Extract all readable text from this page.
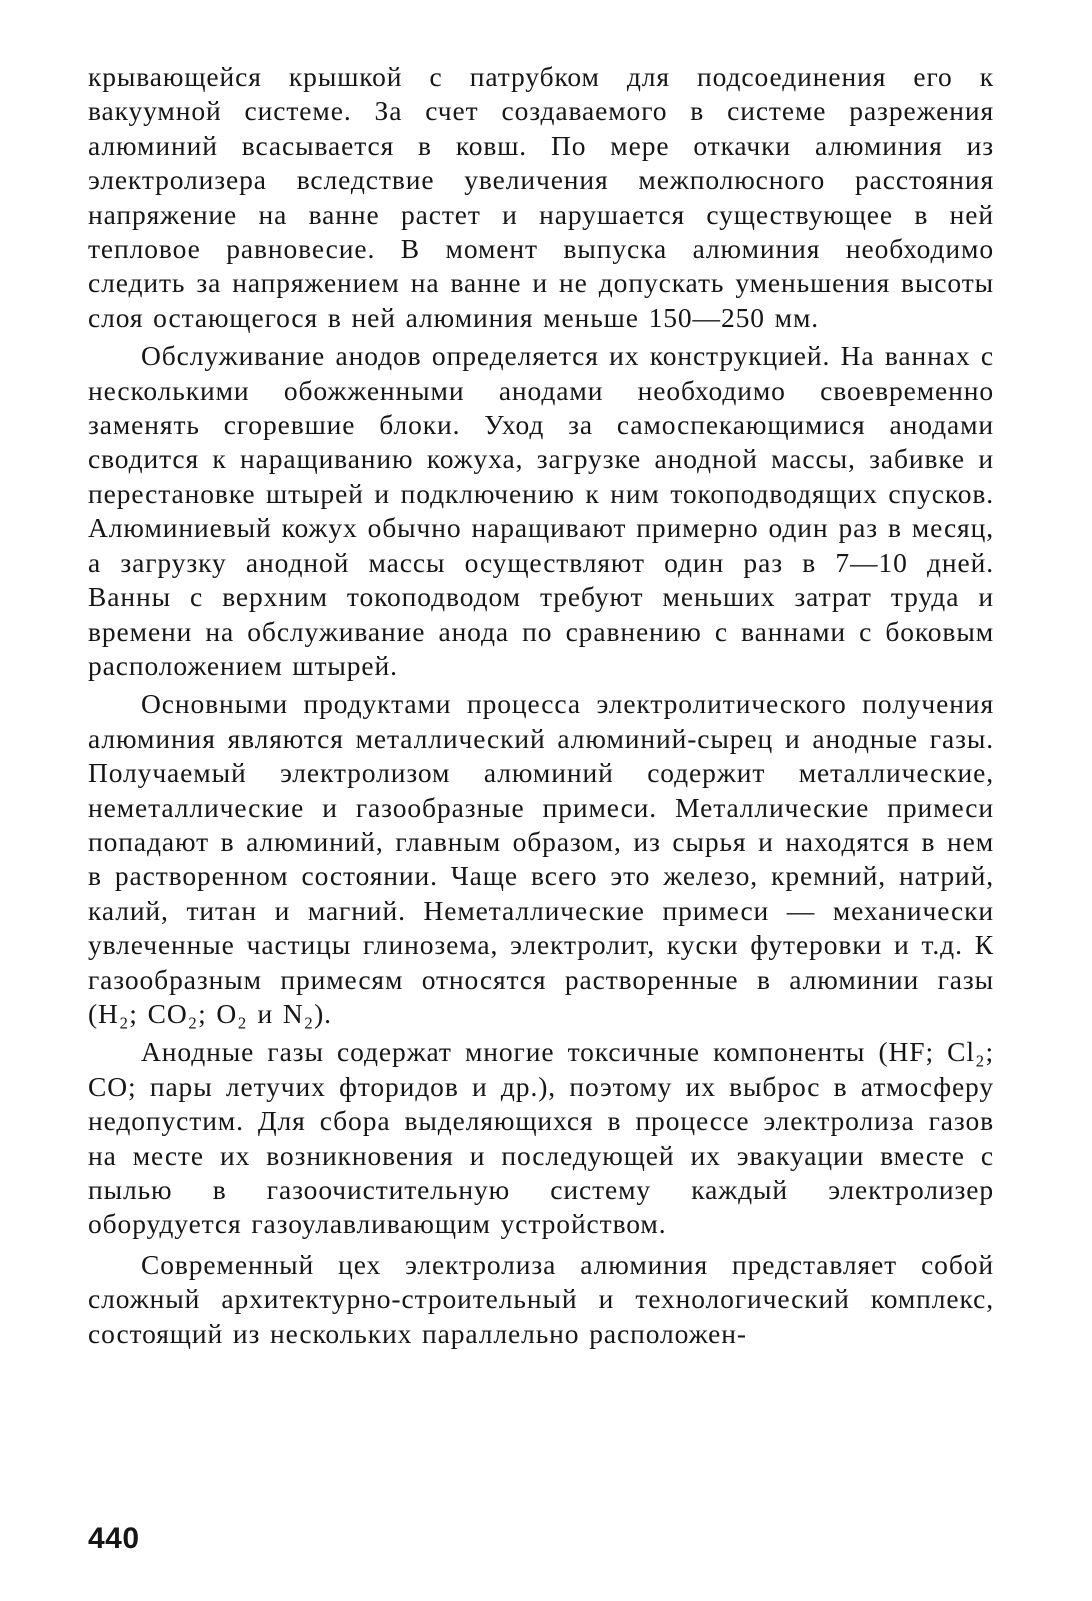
крывающейся крышкой с патрубком для подсоединения его к вакуумной системе. За счет создаваемого в системе разрежения алюминий всасывается в ковш. По мере откачки алюминия из электролизера вследствие увеличения межполюсного расстояния напряжение на ванне растет и нарушается существующее в ней тепловое равновесие. В момент выпуска алюминия необходимо следить за напряжением на ванне и не допускать уменьшения высоты слоя остающегося в ней алюминия меньше 150—250 мм.

Обслуживание анодов определяется их конструкцией. На ваннах с несколькими обожженными анодами необходимо своевременно заменять сгоревшие блоки. Уход за самоспекающимися анодами сводится к наращиванию кожуха, загрузке анодной массы, забивке и перестановке штырей и подключению к ним токоподводящих спусков. Алюминиевый кожух обычно наращивают примерно один раз в месяц, а загрузку анодной массы осуществляют один раз в 7—10 дней. Ванны с верхним токоподводом требуют меньших затрат труда и времени на обслуживание анода по сравнению с ваннами с боковым расположением штырей.

Основными продуктами процесса электролитического получения алюминия являются металлический алюминий-сырец и анодные газы. Получаемый электролизом алюминий содержит металлические, неметаллические и газообразные примеси. Металлические примеси попадают в алюминий, главным образом, из сырья и находятся в нем в растворенном состоянии. Чаще всего это железо, кремний, натрий, калий, титан и магний. Неметаллические примеси — механически увлеченные частицы глинозема, электролит, куски футеровки и т.д. К газообразным примесям относятся растворенные в алюминии газы (H₂; CO₂; O₂ и N₂).

Анодные газы содержат многие токсичные компоненты (HF; Cl₂; CO; пары летучих фторидов и др.), поэтому их выброс в атмосферу недопустим. Для сбора выделяющихся в процессе электролиза газов на месте их возникновения и последующей их эвакуации вместе с пылью в газоочистительную систему каждый электролизер оборудуется газоулавливающим устройством.

Современный цех электролиза алюминия представляет собой сложный архитектурно-строительный и технологический комплекс, состоящий из нескольких параллельно расположен-

440
